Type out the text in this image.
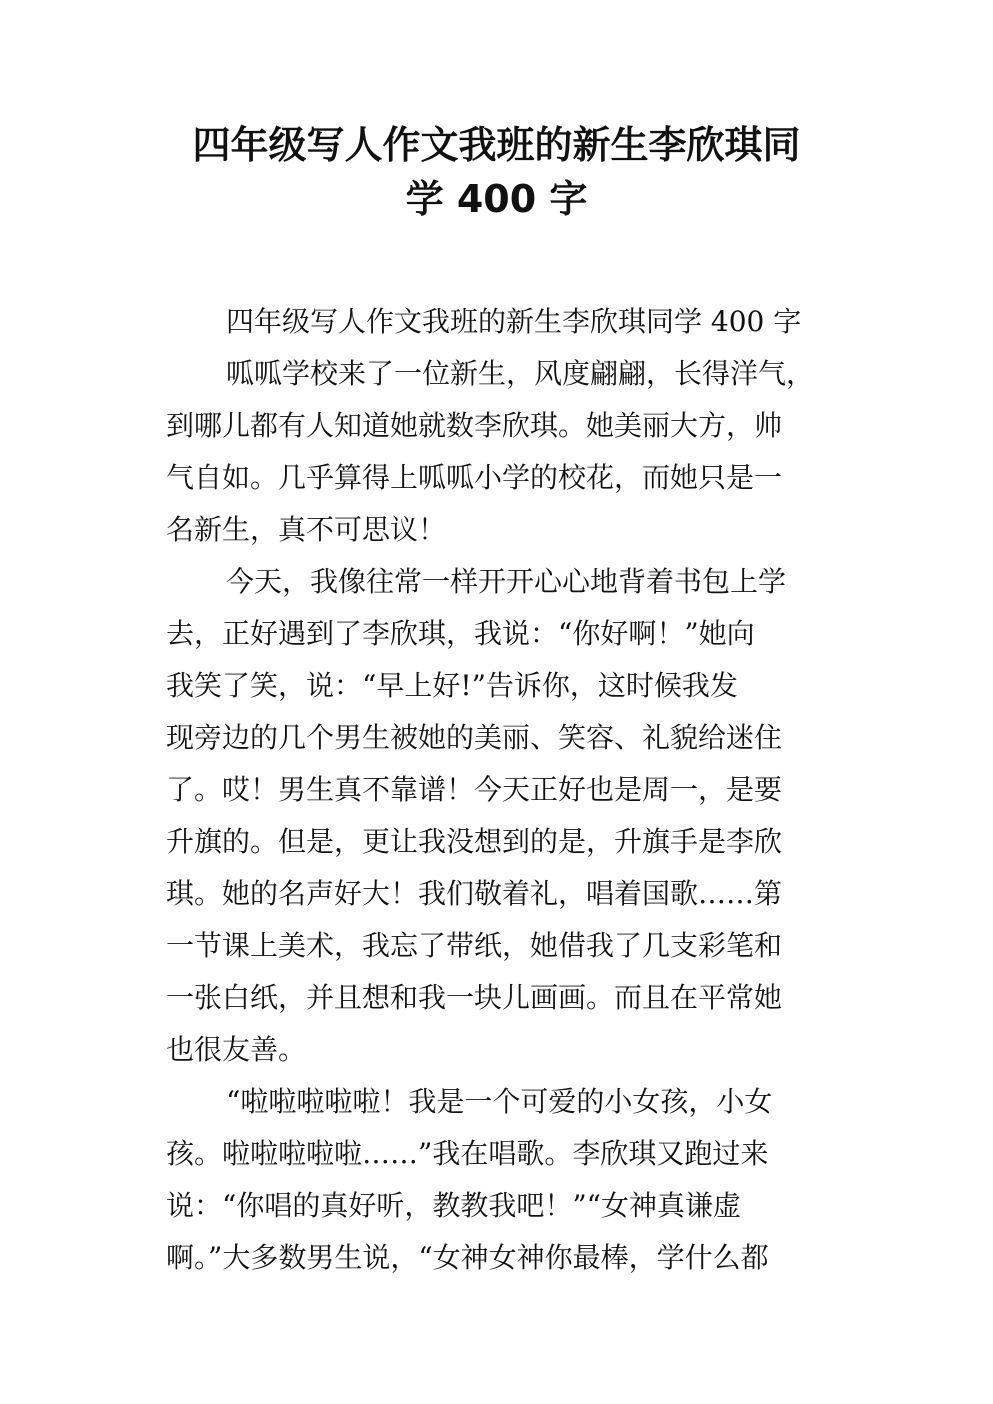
四年级写人作文我班的新生李欣琪同
学 400 字
四年级写人作文我班的新生李欣琪同学 400 字
呱呱学校来了一位新生，风度翩翩，长得洋气，
到哪儿都有人知道她就数李欣琪。她美丽大方，帅
气自如。几乎算得上呱呱小学的校花，而她只是一
名新生，真不可思议！
今天，我像往常一样开开心心地背着书包上学
去，正好遇到了李欣琪，我说：“你好啊！”她向
我笑了笑，说：“早上好!”告诉你，这时候我发
现旁边的几个男生被她的美丽、笑容、礼貌给迷住
了。哎！男生真不靠谱！今天正好也是周一，是要
升旗的。但是，更让我没想到的是，升旗手是李欣
琪。她的名声好大！我们敬着礼，唱着国歌……第
一节课上美术，我忘了带纸，她借我了几支彩笔和
一张白纸，并且想和我一块儿画画。而且在平常她
也很友善。
“啦啦啦啦啦！我是一个可爱的小女孩，小女
孩。啦啦啦啦啦……”我在唱歌。李欣琪又跑过来
说：“你唱的真好听，教教我吧！”“女神真谦虚
啊。”大多数男生说，“女神女神你最棒，学什么都
